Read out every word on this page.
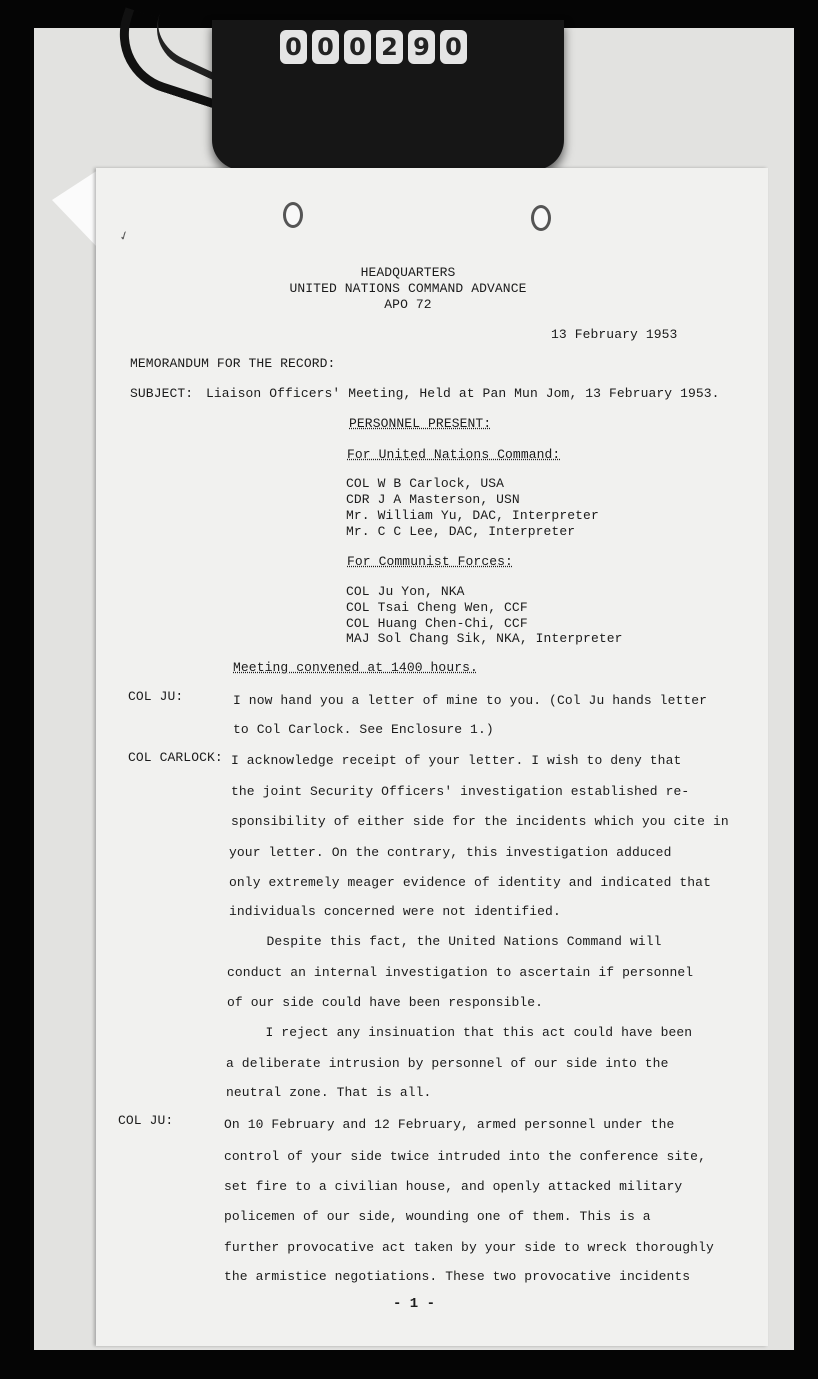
0 0 0 2 9 0
✓
HEADQUARTERS
UNITED NATIONS COMMAND ADVANCE
APO 72
13 February 1953
MEMORANDUM FOR THE RECORD:
SUBJECT: Liaison Officers' Meeting, Held at Pan Mun Jom, 13 February 1953.
PERSONNEL PRESENT:
For United Nations Command:
COL W B Carlock, USA
CDR J A Masterson, USN
Mr. William Yu, DAC, Interpreter
Mr. C C Lee, DAC, Interpreter
For Communist Forces:
COL Ju Yon, NKA
COL Tsai Cheng Wen, CCF
COL Huang Chen-Chi, CCF
MAJ Sol Chang Sik, NKA, Interpreter
Meeting convened at 1400 hours.
COL JU:	I now hand you a letter of mine to you. (Col Ju hands letter
to Col Carlock. See Enclosure 1.)
COL CARLOCK: I acknowledge receipt of your letter. I wish to deny that
the joint Security Officers' investigation established re-
sponsibility of either side for the incidents which you cite in
your letter. On the contrary, this investigation adduced
only extremely meager evidence of identity and indicated that
individuals concerned were not identified.
Despite this fact, the United Nations Command will
conduct an internal investigation to ascertain if personnel
of our side could have been responsible.
I reject any insinuation that this act could have been
a deliberate intrusion by personnel of our side into the
neutral zone. That is all.
COL JU:	On 10 February and 12 February, armed personnel under the
control of your side twice intruded into the conference site,
set fire to a civilian house, and openly attacked military
policemen of our side, wounding one of them. This is a
further provocative act taken by your side to wreck thoroughly
the armistice negotiations. These two provocative incidents
- 1 -
